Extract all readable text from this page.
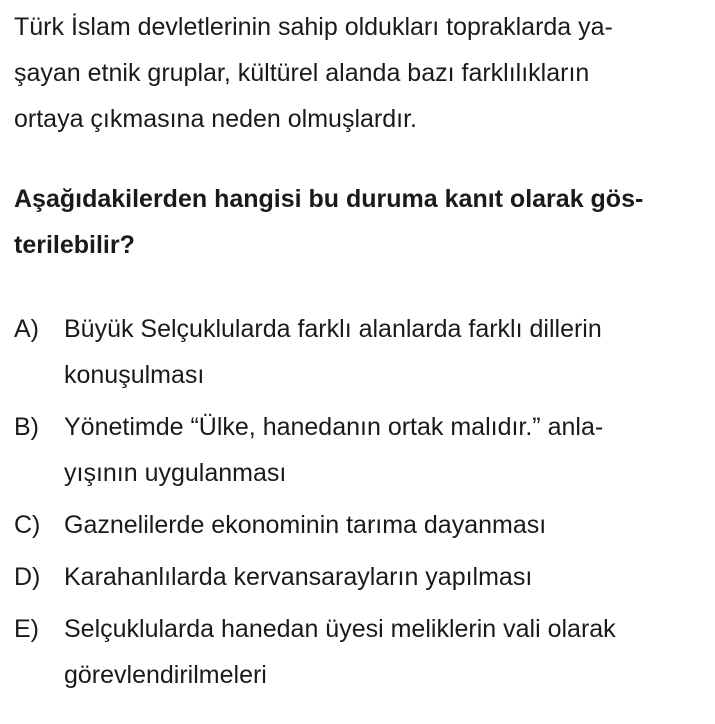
Türk İslam devletlerinin sahip oldukları topraklarda ya-
şayan etnik gruplar, kültürel alanda bazı farklılıkların
ortaya çıkmasına neden olmuşlardır.
Aşağıdakilerden hangisi bu duruma kanıt olarak gös-
terilebilir?
A) Büyük Selçuklularda farklı alanlarda farklı dillerin
konuşulması
B) Yönetimde “Ülke, hanedanın ortak malıdır.” anla-
yışının uygulanması
C) Gaznelilerde ekonominin tarıma dayanması
D) Karahanlılarda kervansarayların yapılması
E) Selçuklularda hanedan üyesi meliklerin vali olarak
görevlendirilmeleri
